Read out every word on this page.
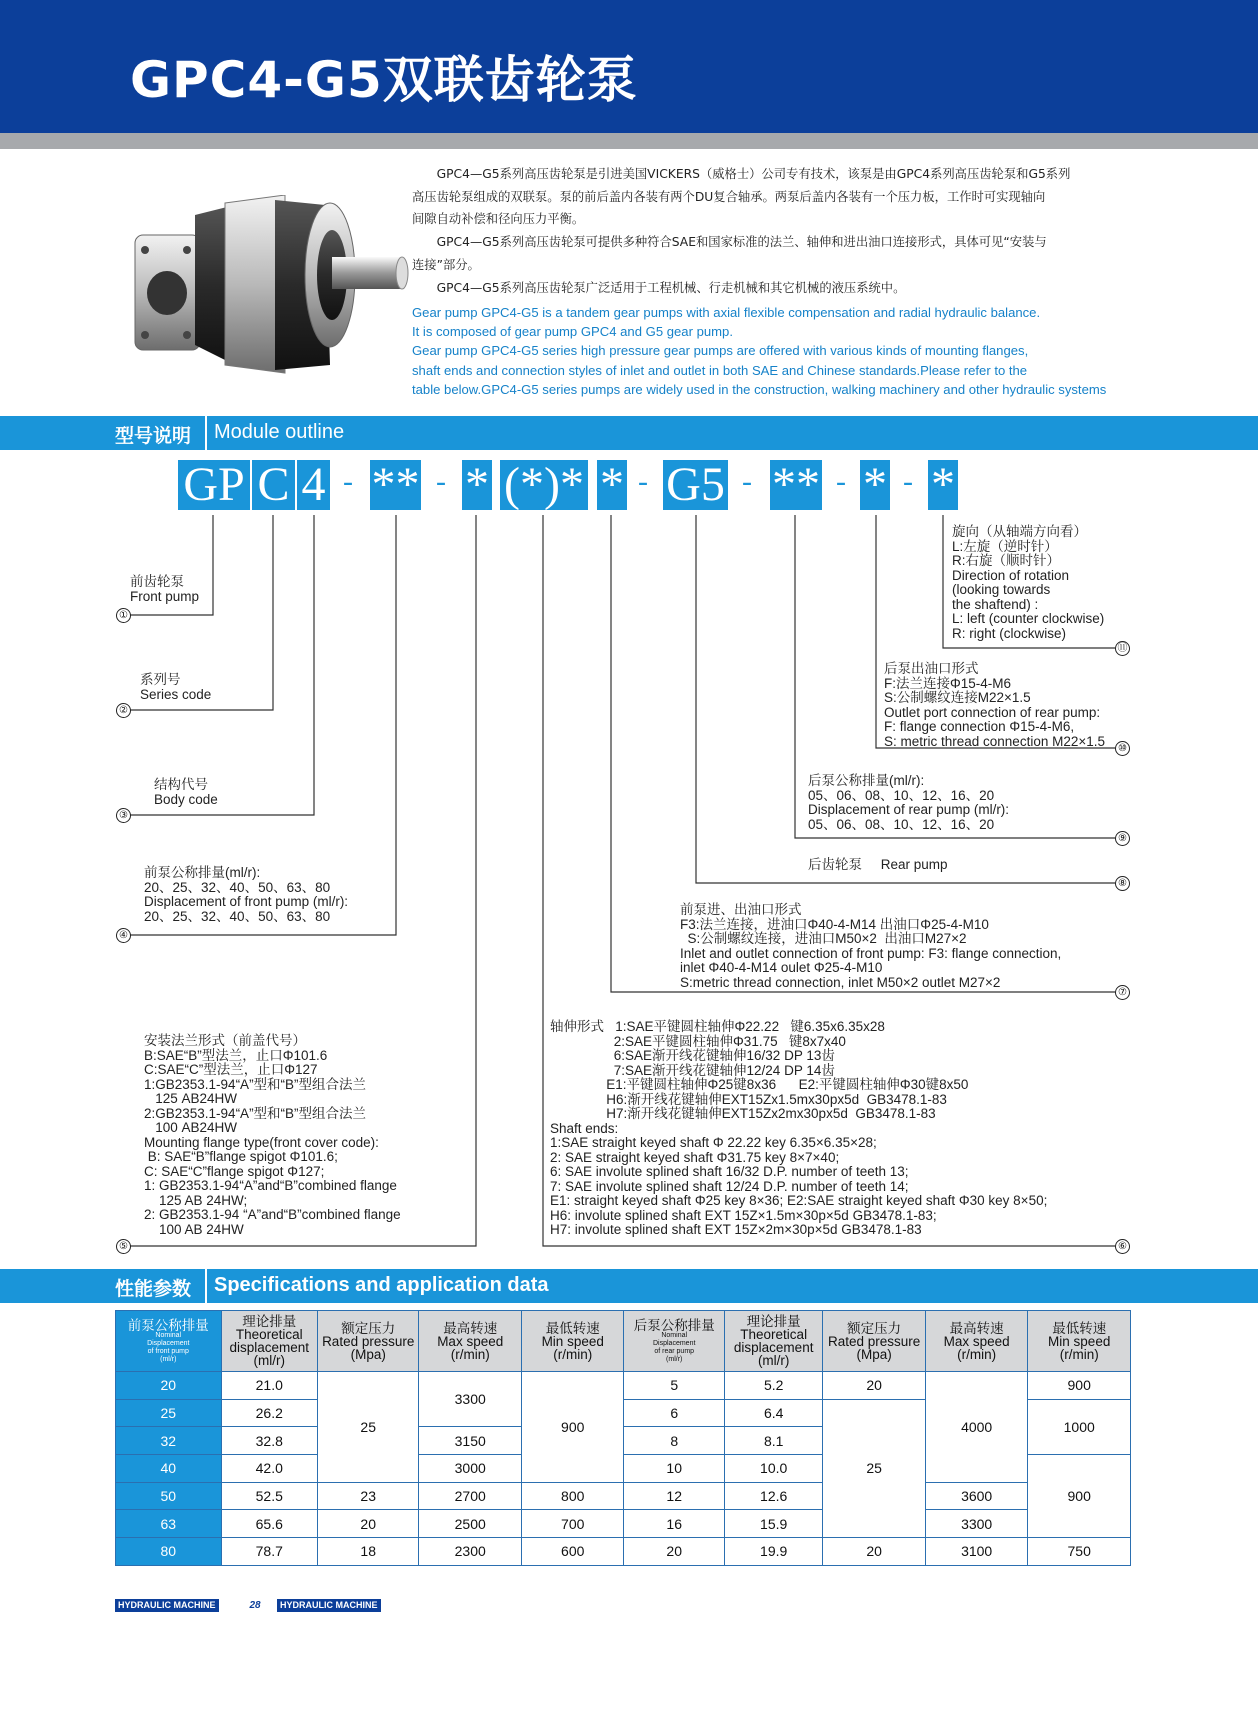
GPC4-G5双联齿轮泵

　　GPC4—G5系列高压齿轮泵是引进美国VICKERS（威格士）公司专有技术，该泵是由GPC4系列高压齿轮泵和G5系列

高压齿轮泵组成的双联泵。泵的前后盖内各装有两个DU复合轴承。两泵后盖内各装有一个压力板，工作时可实现轴向

间隙自动补偿和径向压力平衡。

　　GPC4—G5系列高压齿轮泵可提供多种符合SAE和国家标准的法兰、轴伸和进出油口连接形式，具体可见“安装与

连接”部分。

　　GPC4—G5系列高压齿轮泵广泛适用于工程机械、行走机械和其它机械的液压系统中。

Gear pump GPC4-G5 is a tandem gear pumps with axial flexible compensation and radial hydraulic balance.

It is composed of gear pump GPC4 and G5 gear pump.

Gear pump GPC4-G5 series high pressure gear pumps are offered with various kinds of mounting flanges,

shaft ends and connection styles of inlet and outlet in both SAE and Chinese standards.Please refer to the

table below.GPC4-G5 series pumps are widely used in the construction, walking machinery and other hydraulic systems

型号说明 Module outline
GP C 4 - ** - * (*)* * - G5 - ** - * - *
①
②
③
④
⑤	⑥
⑦
⑧
⑨
⑩
⑪
前齿轮泵
Front pump
系列号
Series code
结构代号
Body code
前泵公称排量(ml/r):
20、25、32、40、50、63、80
Displacement of front pump (ml/r):
20、25、32、40、50、63、80
安装法兰形式（前盖代号）
B:SAE“B”型法兰，止口Φ101.6
C:SAE“C”型法兰，止口Φ127
1:GB2353.1-94“A”型和“B”型组合法兰
125 AB24HW
2:GB2353.1-94“A”型和“B”型组合法兰
100 AB24HW
Mounting flange type(front cover code):
B: SAE“B”flange spigot Φ101.6;
C: SAE“C”flange spigot Φ127;
1: GB2353.1-94“A”and“B”combined flange
125 AB 24HW;
2: GB2353.1-94 “A”and“B”combined flange
100 AB 24HW
轴伸形式   1:SAE平键圆柱轴伸Φ22.22   键6.35x6.35x28
2:SAE平键圆柱轴伸Φ31.75   键8x7x40
6:SAE渐开线花键轴伸16/32 DP 13齿
7:SAE渐开线花键轴伸12/24 DP 14齿
E1:平键圆柱轴伸Φ25键8x36      E2:平键圆柱轴伸Φ30键8x50
H6:渐开线花键轴伸EXT15Zx1.5mx30px5d  GB3478.1-83
H7:渐开线花键轴伸EXT15Zx2mx30px5d  GB3478.1-83
Shaft ends:
1:SAE straight keyed shaft Φ 22.22 key 6.35×6.35×28;
2: SAE straight keyed shaft Φ31.75 key 8×7×40;
6: SAE involute splined shaft 16/32 D.P. number of teeth 13;
7: SAE involute splined shaft 12/24 D.P. number of teeth 14;
E1: straight keyed shaft Φ25 key 8×36; E2:SAE straight keyed shaft Φ30 key 8×50;
H6: involute splined shaft EXT 15Z×1.5m×30p×5d GB3478.1-83;
H7: involute splined shaft EXT 15Z×2m×30p×5d GB3478.1-83
前泵进、出油口形式
F3:法兰连接，进油口Φ40-4-M14 出油口Φ25-4-M10
S:公制螺纹连接，进油口M50×2  出油口M27×2
Inlet and outlet connection of front pump: F3: flange connection,
inlet Φ40-4-M14 oulet Φ25-4-M10
S:metric thread connection, inlet M50×2 outlet M27×2
后齿轮泵     Rear pump
后泵公称排量(ml/r):
05、06、08、10、12、16、20
Displacement of rear pump (ml/r):
05、06、08、10、12、16、20
后泵出油口形式
F:法兰连接Φ15-4-M6
S:公制螺纹连接M22×1.5
Outlet port connection of rear pump:
F: flange connection Φ15-4-M6,
S: metric thread connection M22×1.5
旋向（从轴端方向看）
L:左旋（逆时针）
R:右旋（顺时针）
Direction of rotation
(looking towards
the shaftend) :
L: left (counter clockwise)
R: right (clockwise)
性能参数 Specifications and application data
前泵公称排量
Nominal
Displacement
of front pump
(ml/r)	理论排量
Theoretical
displacement
(ml/r)	额定压力
Rated pressure
(Mpa)	最高转速
Max speed
(r/min)	最低转速
Min speed
(r/min)	后泵公称排量
Nominal
Displacement
of rear pump
(ml/r)	理论排量
Theoretical
displacement
(ml/r)	额定压力
Rated pressure
(Mpa)	最高转速
Max speed
(r/min)	最低转速
Min speed
(r/min)

20	21.0	25	3300	900	5	5.2	20	4000	900
25	26.2				6	6.4	25		1000
32	32.8		3150		8	8.1			
40	42.0		3000		10	10.0			900
50	52.5	23	2700	800	12	12.6		3600	
63	65.6	20	2500	700	16	15.9		3300	
80	78.7	18	2300	600	20	19.9	20	3100	750
HYDRAULIC MACHINE	28	HYDRAULIC MACHINE
